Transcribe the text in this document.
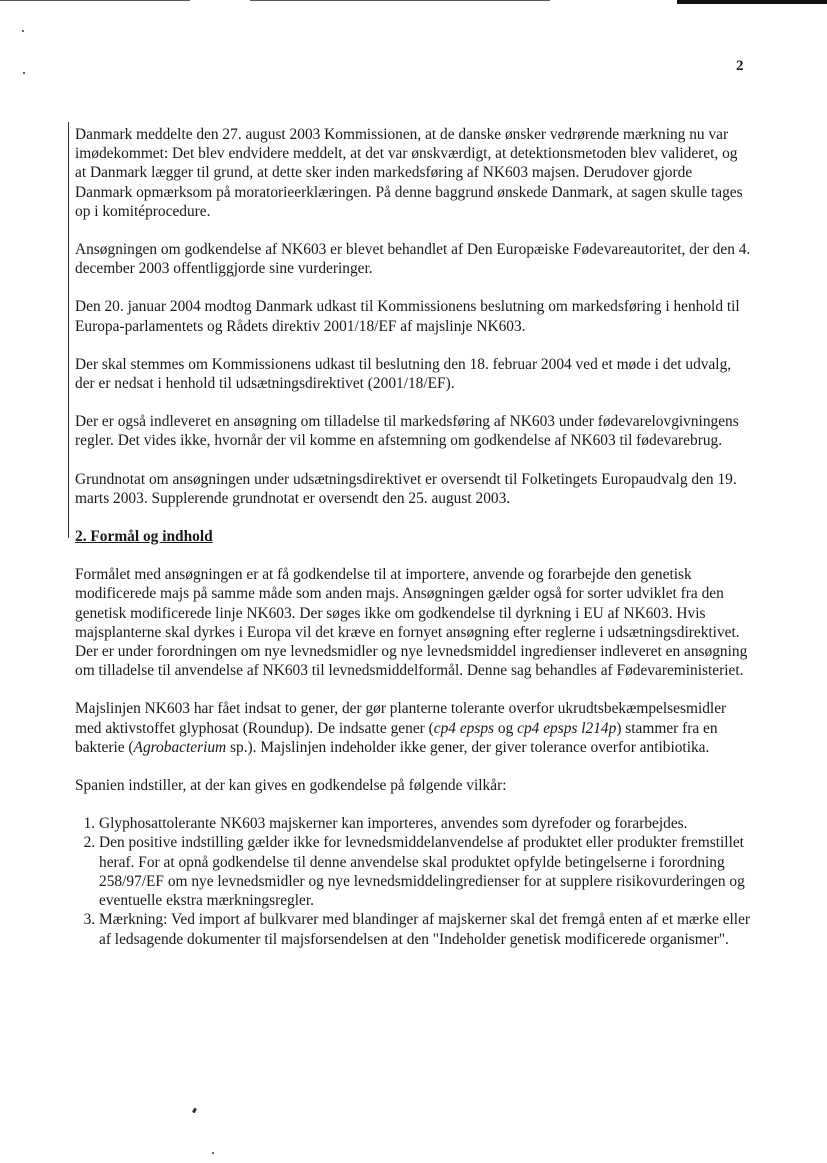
2

Danmark meddelte den 27. august 2003 Kommissionen, at de danske ønsker vedrørende mærkning nu var imødekommet: Det blev endvidere meddelt, at det var ønskværdigt, at detektionsmetoden blev valideret, og at Danmark lægger til grund, at dette sker inden markedsføring af NK603 majsen. Derudover gjorde Danmark opmærksom på moratorieerklæringen. På denne baggrund ønskede Danmark, at sagen skulle tages op i komitéprocedure.

Ansøgningen om godkendelse af NK603 er blevet behandlet af Den Europæiske Fødevareautoritet, der den 4. december 2003 offentliggjorde sine vurderinger.

Den 20. januar 2004 modtog Danmark udkast til Kommissionens beslutning om markedsføring i henhold til Europa-parlamentets og Rådets direktiv 2001/18/EF af majslinje NK603.

Der skal stemmes om Kommissionens udkast til beslutning den 18. februar 2004 ved et møde i det udvalg, der er nedsat i henhold til udsætningsdirektivet (2001/18/EF).

Der er også indleveret en ansøgning om tilladelse til markedsføring af NK603 under fødevarelovgivningens regler. Det vides ikke, hvornår der vil komme en afstemning om godkendelse af NK603 til fødevarebrug.

Grundnotat om ansøgningen under udsætningsdirektivet er oversendt til Folketingets Europaudvalg den 19. marts 2003. Supplerende grundnotat er oversendt den 25. august 2003.

2. Formål og indhold

Formålet med ansøgningen er at få godkendelse til at importere, anvende og forarbejde den genetisk modificerede majs på samme måde som anden majs. Ansøgningen gælder også for sorter udviklet fra den genetisk modificerede linje NK603. Der søges ikke om godkendelse til dyrkning i EU af NK603. Hvis majsplanterne skal dyrkes i Europa vil det kræve en fornyet ansøgning efter reglerne i udsætningsdirektivet. Der er under forordningen om nye levnedsmidler og nye levnedsmiddel ingredienser indleveret en ansøgning om tilladelse til anvendelse af NK603 til levnedsmiddelformål. Denne sag behandles af Fødevareministeriet.

Majslinjen NK603 har fået indsat to gener, der gør planterne tolerante overfor ukrudtsbekæmpelsesmidler med aktivstoffet glyphosat (Roundup). De indsatte gener (cp4 epsps og cp4 epsps l214p) stammer fra en bakterie (Agrobacterium sp.). Majslinjen indeholder ikke gener, der giver tolerance overfor antibiotika.

Spanien indstiller, at der kan gives en godkendelse på følgende vilkår:

1. Glyphosattolerante NK603 majskerner kan importeres, anvendes som dyrefoder og forarbejdes.
2. Den positive indstilling gælder ikke for levnedsmiddelanvendelse af produktet eller produkter fremstillet heraf. For at opnå godkendelse til denne anvendelse skal produktet opfylde betingelserne i forordning 258/97/EF om nye levnedsmidler og nye levnedsmiddelingredienser for at supplere risikovurderingen og eventuelle ekstra mærkningsregler.
3. Mærkning: Ved import af bulkvarer med blandinger af majskerner skal det fremgå enten af et mærke eller af ledsagende dokumenter til majsforsendelsen at den "Indeholder genetisk modificerede organismer".
